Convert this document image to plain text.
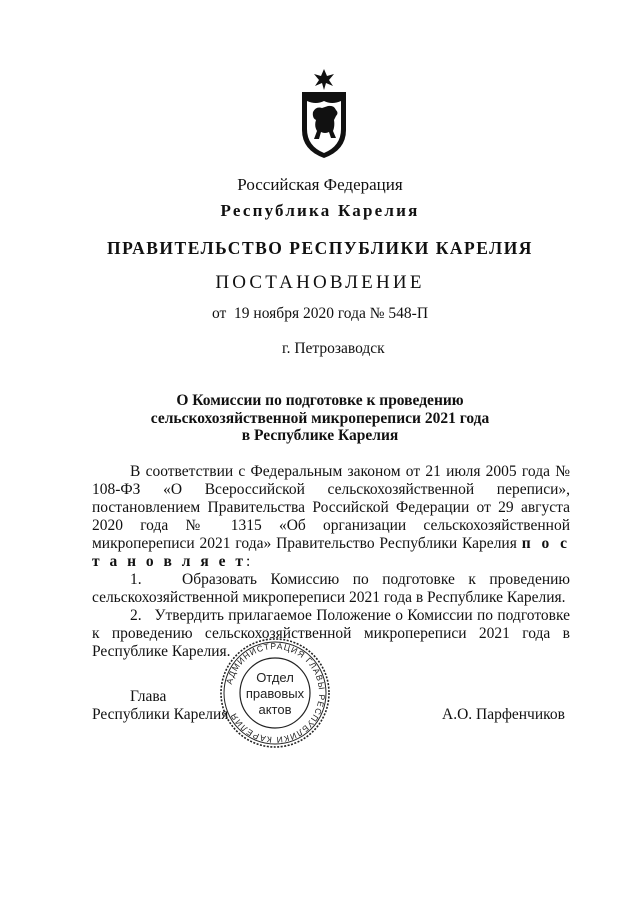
Российская Федерация
Республика Карелия
ПРАВИТЕЛЬСТВО РЕСПУБЛИКИ КАРЕЛИЯ
ПОСТАНОВЛЕНИЕ
от  19 ноября 2020 года № 548-П
г. Петрозаводск
О Комиссии по подготовке к проведению
сельскохозяйственной микропереписи 2021 года
в Республике Карелия

В соответствии с Федеральным законом от 21 июля 2005 года № 108-ФЗ «О Всероссийской сельскохозяйственной переписи», постановлением Правительства Российской Федерации от 29 августа 2020 года № 1315 «Об организации сельскохозяйственной микропереписи 2021 года» Правительство Республики Карелия п о с т а н о в л я е т:

1.   Образовать Комиссию по подготовке к проведению сельскохозяйственной микропереписи 2021 года в Республике Карелия.

2.   Утвердить прилагаемое Положение о Комиссии по подготовке к проведению сельскохозяйственной микропереписи 2021 года в Республике Карелия.

Глава
Республики Карелия	А.О. Парфенчиков
АДМИНИСТРАЦИЯ ГЛАВЫ РЕСПУБЛИКИ КАРЕЛИЯ
Отдел
правовых
актов
